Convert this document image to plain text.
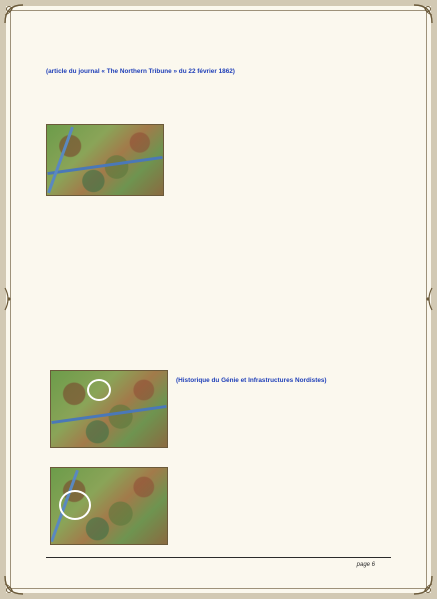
(article du journal « The Northern Tribune » du 22 février 1862)

(Historique du Génie et Infrastructures Nordistes)
page 6
